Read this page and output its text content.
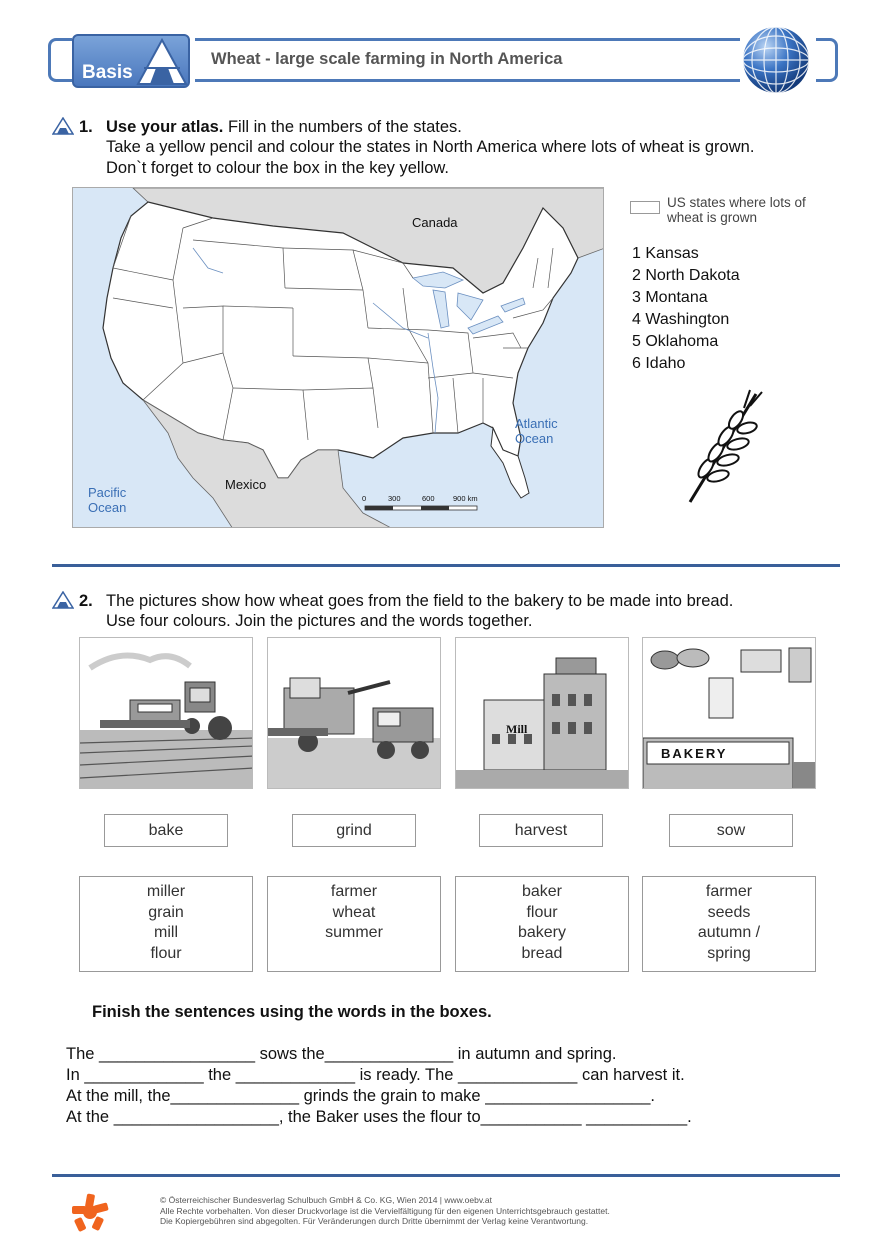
Basis
Wheat - large scale farming in North America
1. Use your atlas. Fill in the numbers of the states.
Take a yellow pencil and colour the states in North America where lots of wheat is grown.
Don`t forget to colour the box in the key yellow.
Canada
Mexico
Pacific
Ocean
Atlantic
Ocean
0	300	600 900 km
US states where lots of wheat is grown
1 Kansas
2 North Dakota
3 Montana
4 Washington
5 Oklahoma
6 Idaho
2. The pictures show how wheat goes from the field to the bakery to be made into bread.
Use four colours. Join the pictures and the words together.
Mill
BAKERY
bake	grind	harvest	sow
miller
grain
mill
flour
farmer
wheat
summer
baker
flour
bakery
bread
farmer
seeds
autumn /
spring
Finish the sentences using the words in the boxes.
The _________________ sows the______________ in autumn and spring.
In _____________ the _____________ is ready. The _____________ can harvest it.
At the mill, the______________ grinds the grain to make __________________.
At the __________________, the Baker uses the flour to___________ ___________.
© Österreichischer Bundesverlag Schulbuch GmbH & Co. KG, Wien 2014 | www.oebv.at
Alle Rechte vorbehalten. Von dieser Druckvorlage ist die Vervielfältigung für den eigenen Unterrichtsgebrauch gestattet.
Die Kopiergebühren sind abgegolten. Für Veränderungen durch Dritte übernimmt der Verlag keine Verantwortung.
